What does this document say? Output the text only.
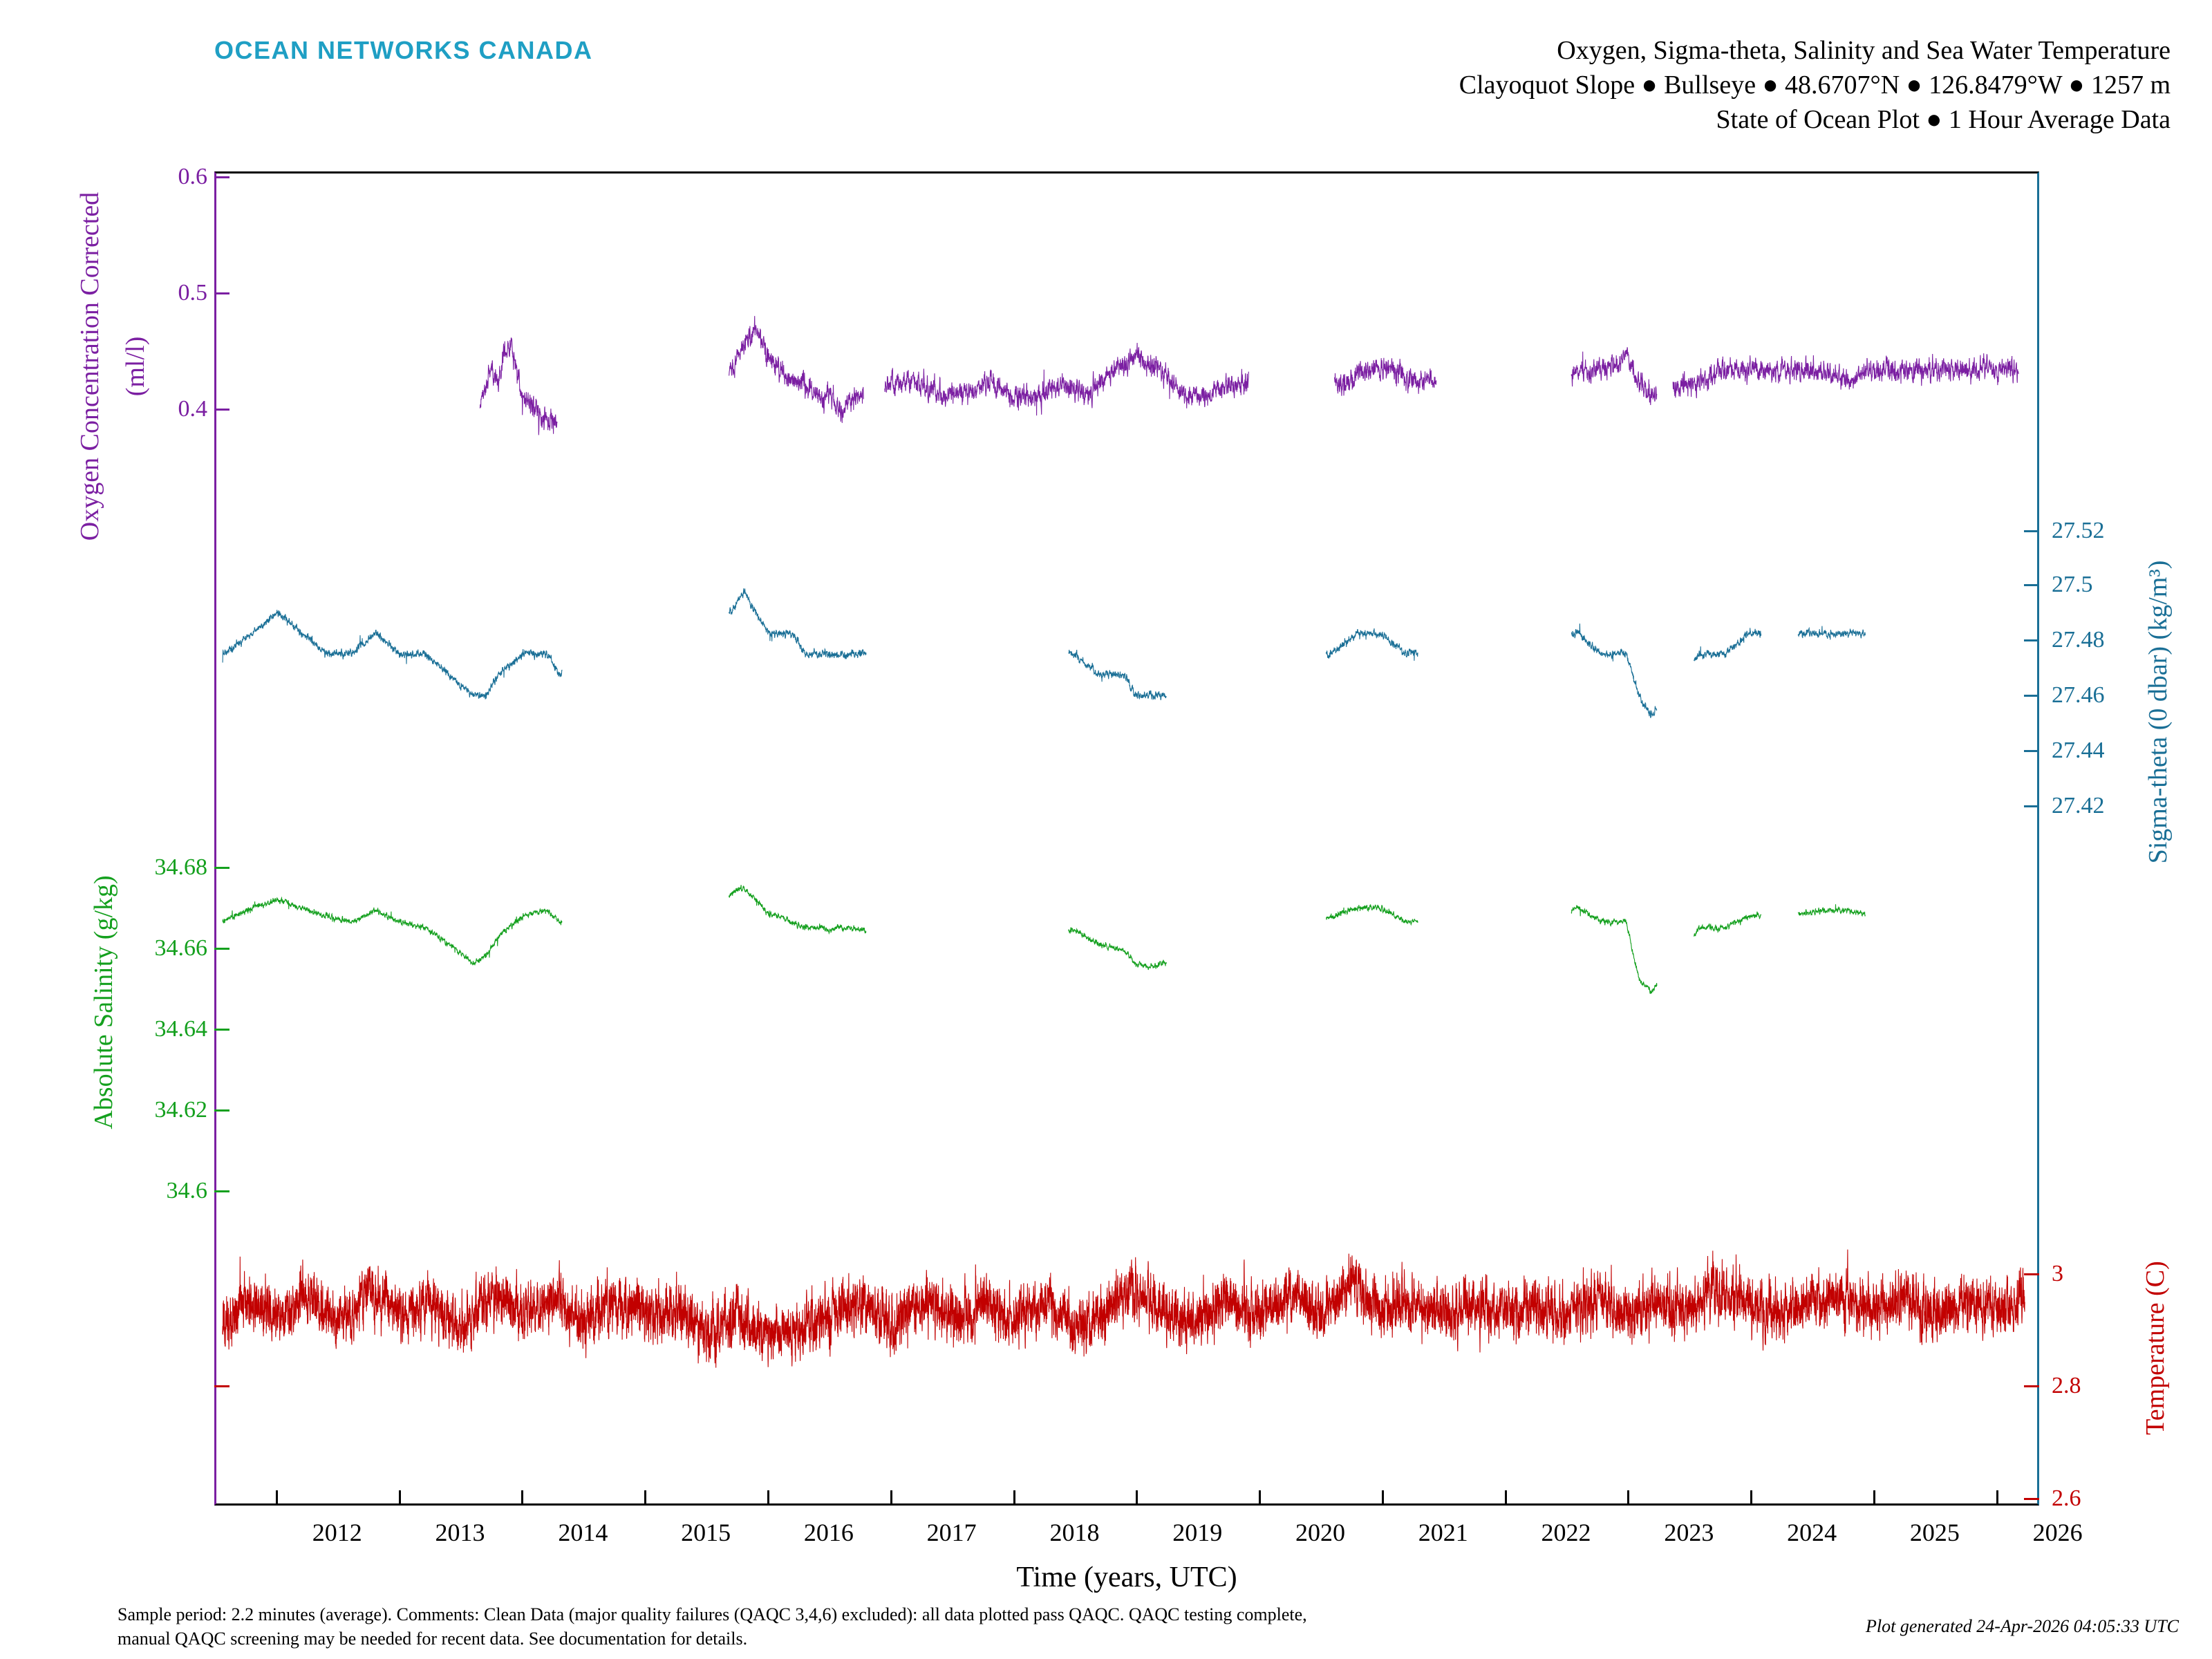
OCEAN NETWORKS CANADA	Oxygen, Sigma-theta, Salinity and Sea Water Temperature
Clayoquot Slope ● Bullseye ● 48.6707°N ● 126.8479°W ● 1257 m
State of Ocean Plot ● 1 Hour Average Data
Oxygen Concentration Corrected (ml/l)
0.6
0.5
0.4
Sigma-theta (0 dbar) (kg/m³)
27.52
27.5
27.48
27.46
27.44
27.42
Absolute Salinity (g/kg)
34.68
34.66
34.64
34.62
34.6
Temperature (C)
3
2.8
2.6
2012	2013	2014	2015	2016	2017	2018	2019	2020	2021	2022	2023	2024	2025	2026
Time (years, UTC)
Sample period: 2.2 minutes (average). Comments: Clean Data (major quality failures (QAQC 3,4,6) excluded): all data plotted pass QAQC. QAQC testing complete,
manual QAQC screening may be needed for recent data. See documentation for details.
Plot generated 24-Apr-2026 04:05:33 UTC
